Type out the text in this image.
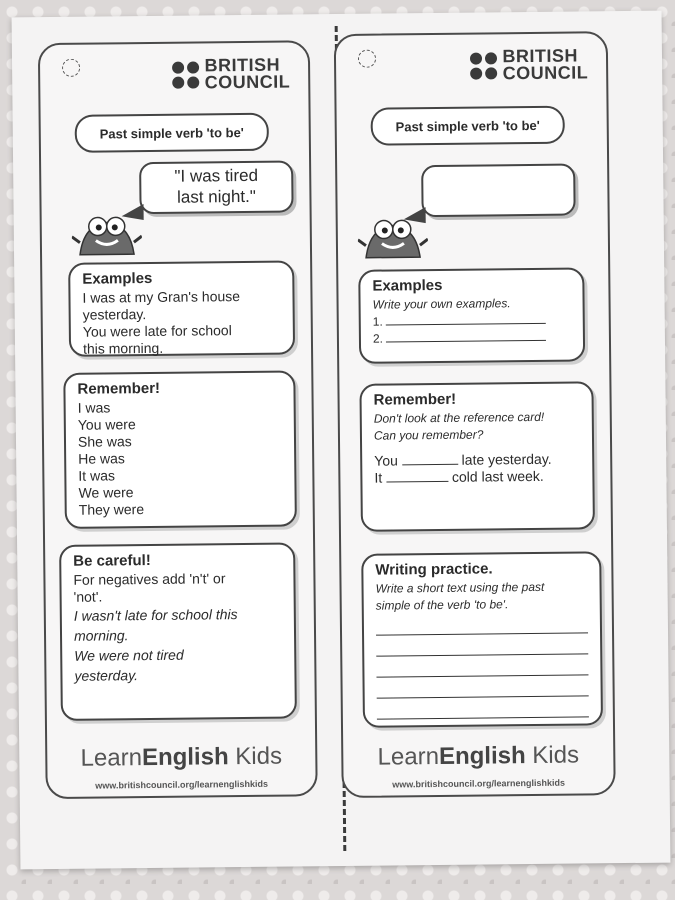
BRITISH
COUNCIL
Past simple verb 'to be'
"I was tired
last night."
Examples
I was at my Gran's house
yesterday.
You were late for school
this morning.
Remember!
I was
You were
She was
He was
It was
We were
They were
Be careful!
For negatives add 'n't' or
'not'.
I wasn't late for school this
morning.
We were not tired
yesterday.
LearnEnglish Kids
www.britishcouncil.org/learnenglishkids
BRITISH
COUNCIL
Past simple verb 'to be'
Examples
Write your own examples.
1.
2.
Remember!
Don't look at the reference card!
Can you remember?
You	late yesterday.
It	cold last week.
Writing practice.
Write a short text using the past
simple of the verb 'to be'.
LearnEnglish Kids
www.britishcouncil.org/learnenglishkids
